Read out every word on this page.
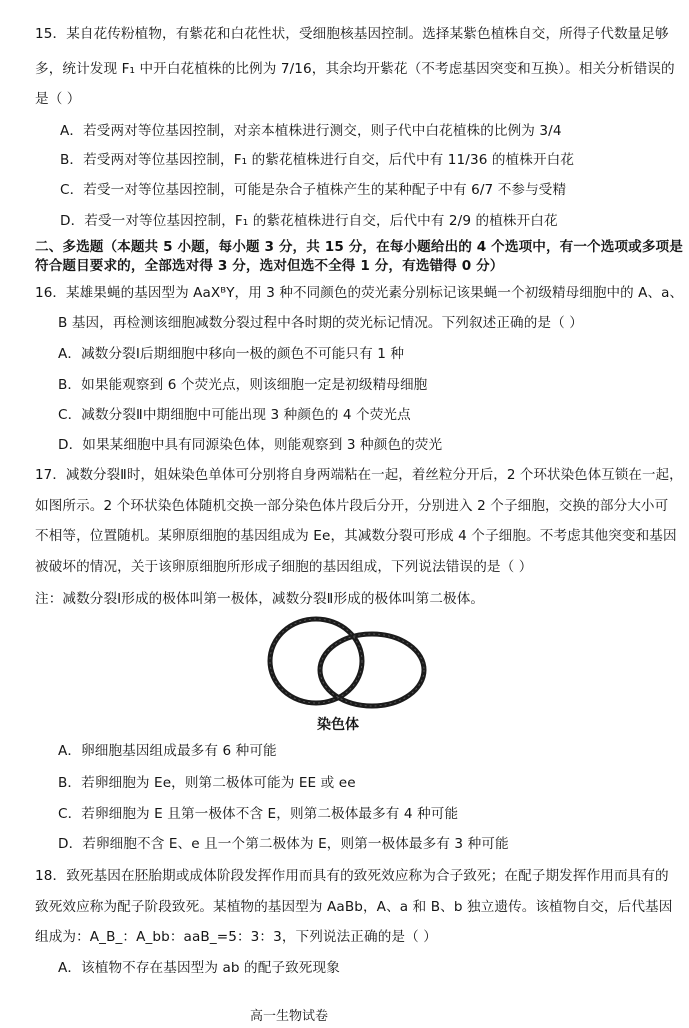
15．某自花传粉植物，有紫花和白花性状，受细胞核基因控制。选择某紫色植株自交，所得子代数量足够
多，统计发现 F₁ 中开白花植株的比例为 7/16，其余均开紫花（不考虑基因突变和互换）。相关分析错误的
是（ ）
A．若受两对等位基因控制，对亲本植株进行测交，则子代中白花植株的比例为 3/4
B．若受两对等位基因控制，F₁ 的紫花植株进行自交，后代中有 11/36 的植株开白花
C．若受一对等位基因控制，可能是杂合子植株产生的某种配子中有 6/7 不参与受精
D．若受一对等位基因控制，F₁ 的紫花植株进行自交，后代中有 2/9 的植株开白花
二、多选题（本题共 5 小题，每小题 3 分，共 15 分，在每小题给出的 4 个选项中，有一个选项或多项是
符合题目要求的，全部选对得 3 分，选对但选不全得 1 分，有选错得 0 分）
16．某雄果蝇的基因型为 AaXᴮY，用 3 种不同颜色的荧光素分别标记该果蝇一个初级精母细胞中的 A、a、
B 基因，再检测该细胞减数分裂过程中各时期的荧光标记情况。下列叙述正确的是（ ）
A．减数分裂Ⅰ后期细胞中移向一极的颜色不可能只有 1 种
B．如果能观察到 6 个荧光点，则该细胞一定是初级精母细胞
C．减数分裂Ⅱ中期细胞中可能出现 3 种颜色的 4 个荧光点
D．如果某细胞中具有同源染色体，则能观察到 3 种颜色的荧光
17．减数分裂Ⅱ时，姐妹染色单体可分别将自身两端粘在一起，着丝粒分开后，2 个环状染色体互锁在一起，
如图所示。2 个环状染色体随机交换一部分染色体片段后分开，分别进入 2 个子细胞，交换的部分大小可
不相等，位置随机。某卵原细胞的基因组成为 Ee，其减数分裂可形成 4 个子细胞。不考虑其他突变和基因
被破坏的情况，关于该卵原细胞所形成子细胞的基因组成，下列说法错误的是（ ）
注：减数分裂Ⅰ形成的极体叫第一极体，减数分裂Ⅱ形成的极体叫第二极体。
染色体
A．卵细胞基因组成最多有 6 种可能
B．若卵细胞为 Ee，则第二极体可能为 EE 或 ee
C．若卵细胞为 E 且第一极体不含 E，则第二极体最多有 4 种可能
D．若卵细胞不含 E、e 且一个第二极体为 E，则第一极体最多有 3 种可能
18．致死基因在胚胎期或成体阶段发挥作用而具有的致死效应称为合子致死；在配子期发挥作用而具有的
致死效应称为配子阶段致死。某植物的基因型为 AaBb，A、a 和 B、b 独立遗传。该植物自交，后代基因
组成为：A_B_：A_bb：aaB_=5：3：3，下列说法正确的是（ ）
A．该植物不存在基因型为 ab 的配子致死现象
高一生物试卷
